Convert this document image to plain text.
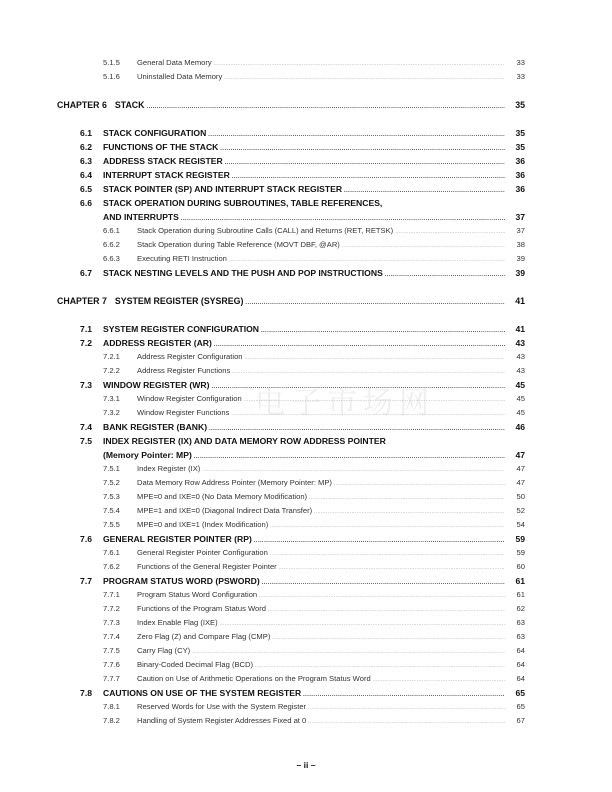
5.1.5	General Data Memory . . .	33
5.1.6	Uninstalled Data Memory . . .	33
CHAPTER 6 STACK . . .	35
6.1 STACK CONFIGURATION . . .	35
6.2 FUNCTIONS OF THE STACK . . .	35
6.3 ADDRESS STACK REGISTER . . .	36
6.4 INTERRUPT STACK REGISTER . . .	36
6.5 STACK POINTER (SP) AND INTERRUPT STACK REGISTER . . .	36
6.6 STACK OPERATION DURING SUBROUTINES, TABLE REFERENCES,
AND INTERRUPTS . . .	37
6.6.1	Stack Operation during Subroutine Calls (CALL) and Returns (RET, RETSK) . . .	37
6.6.2	Stack Operation during Table Reference (MOVT DBF, @AR) . . .	38
6.6.3	Executing RETI Instruction . . .	39
6.7 STACK NESTING LEVELS AND THE PUSH AND POP INSTRUCTIONS . . .	39
CHAPTER 7 SYSTEM REGISTER (SYSREG) . . .	41
7.1 SYSTEM REGISTER CONFIGURATION . . .	41
7.2 ADDRESS REGISTER (AR) . . .	43
7.2.1	Address Register Configuration . . .	43
7.2.2	Address Register Functions . . .	43
7.3 WINDOW REGISTER (WR) . . .	45
7.3.1	Window Register Configuration . . .	45
7.3.2	Window Register Functions . . .	45
7.4 BANK REGISTER (BANK) . . .	46
7.5 INDEX REGISTER (IX) AND DATA MEMORY ROW ADDRESS POINTER
(Memory Pointer: MP) . . .	47
7.5.1	Index Register (IX) . . .	47
7.5.2	Data Memory Row Address Pointer (Memory Pointer: MP) . . .	47
7.5.3	MPE=0 and IXE=0 (No Data Memory Modification) . . .	50
7.5.4	MPE=1 and IXE=0 (Diagonal Indirect Data Transfer) . . .	52
7.5.5	MPE=0 and IXE=1 (Index Modification) . . .	54
7.6 GENERAL REGISTER POINTER (RP) . . .	59
7.6.1	General Register Pointer Configuration . . .	59
7.6.2	Functions of the General Register Pointer . . .	60
7.7 PROGRAM STATUS WORD (PSWORD) . . .	61
7.7.1	Program Status Word Configuration . . .	61
7.7.2	Functions of the Program Status Word . . .	62
7.7.3	Index Enable Flag (IXE) . . .	63
7.7.4	Zero Flag (Z) and Compare Flag (CMP) . . .	63
7.7.5	Carry Flag (CY) . . .	64
7.7.6	Binary-Coded Decimal Flag (BCD) . . .	64
7.7.7	Caution on Use of Arithmetic Operations on the Program Status Word . . .	64
7.8 CAUTIONS ON USE OF THE SYSTEM REGISTER . . .	65
7.8.1	Reserved Words for Use with the System Register . . .	65
7.8.2	Handling of System Register Addresses Fixed at 0 . . .	67
电子市场网
– ii –
